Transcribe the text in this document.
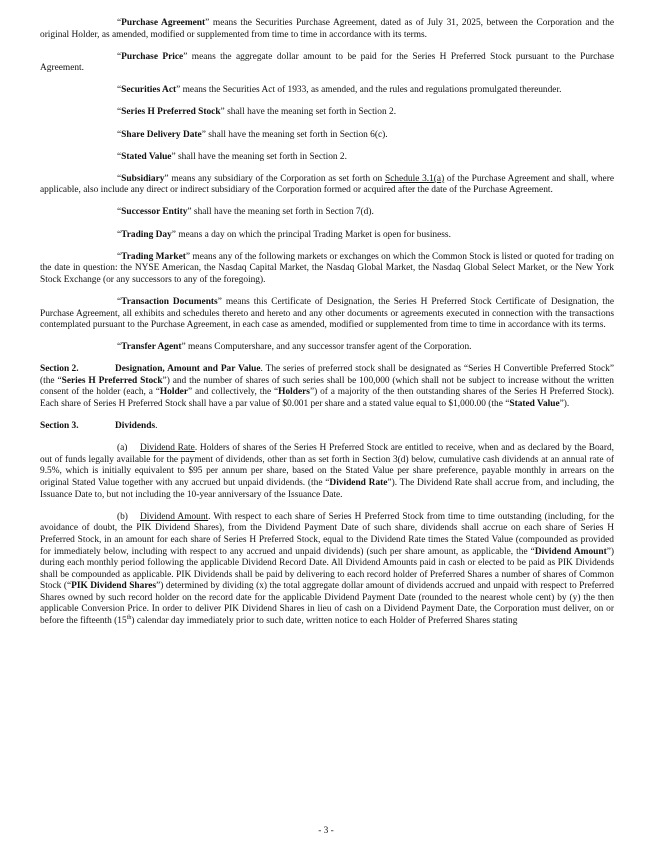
“Purchase Agreement” means the Securities Purchase Agreement, dated as of July 31, 2025, between the Corporation and the original Holder, as amended, modified or supplemented from time to time in accordance with its terms.

“Purchase Price” means the aggregate dollar amount to be paid for the Series H Preferred Stock pursuant to the Purchase Agreement.

“Securities Act” means the Securities Act of 1933, as amended, and the rules and regulations promulgated thereunder.

“Series H Preferred Stock” shall have the meaning set forth in Section 2.

“Share Delivery Date” shall have the meaning set forth in Section 6(c).

“Stated Value” shall have the meaning set forth in Section 2.

“Subsidiary” means any subsidiary of the Corporation as set forth on Schedule 3.1(a) of the Purchase Agreement and shall, where applicable, also include any direct or indirect subsidiary of the Corporation formed or acquired after the date of the Purchase Agreement.

“Successor Entity” shall have the meaning set forth in Section 7(d).

“Trading Day” means a day on which the principal Trading Market is open for business.

“Trading Market” means any of the following markets or exchanges on which the Common Stock is listed or quoted for trading on the date in question: the NYSE American, the Nasdaq Capital Market, the Nasdaq Global Market, the Nasdaq Global Select Market, or the New York Stock Exchange (or any successors to any of the foregoing).

“Transaction Documents” means this Certificate of Designation, the Series H Preferred Stock Certificate of Designation, the Purchase Agreement, all exhibits and schedules thereto and hereto and any other documents or agreements executed in connection with the transactions contemplated pursuant to the Purchase Agreement, in each case as amended, modified or supplemented from time to time in accordance with its terms.

“Transfer Agent” means Computershare, and any successor transfer agent of the Corporation.

Section 2.	Designation, Amount and Par Value. The series of preferred stock shall be designated as “Series H Convertible Preferred Stock” (the “Series H Preferred Stock”) and the number of shares of such series shall be 100,000 (which shall not be subject to increase without the written consent of the holder (each, a “Holder” and collectively, the “Holders”) of a majority of the then outstanding shares of the Series H Preferred Stock). Each share of Series H Preferred Stock shall have a par value of $0.001 per share and a stated value equal to $1,000.00 (the “Stated Value”).

Section 3.	Dividends.

(a) Dividend Rate. Holders of shares of the Series H Preferred Stock are entitled to receive, when and as declared by the Board, out of funds legally available for the payment of dividends, other than as set forth in Section 3(d) below, cumulative cash dividends at an annual rate of 9.5%, which is initially equivalent to $95 per annum per share, based on the Stated Value per share preference, payable monthly in arrears on the original Stated Value together with any accrued but unpaid dividends. (the “Dividend Rate”). The Dividend Rate shall accrue from, and including, the Issuance Date to, but not including the 10-year anniversary of the Issuance Date.

(b) Dividend Amount. With respect to each share of Series H Preferred Stock from time to time outstanding (including, for the avoidance of doubt, the PIK Dividend Shares), from the Dividend Payment Date of such share, dividends shall accrue on each share of Series H Preferred Stock, in an amount for each share of Series H Preferred Stock, equal to the Dividend Rate times the Stated Value (compounded as provided for immediately below, including with respect to any accrued and unpaid dividends) (such per share amount, as applicable, the “Dividend Amount”) during each monthly period following the applicable Dividend Record Date. All Dividend Amounts paid in cash or elected to be paid as PIK Dividends shall be compounded as applicable. PIK Dividends shall be paid by delivering to each record holder of Preferred Shares a number of shares of Common Stock (“PIK Dividend Shares”) determined by dividing (x) the total aggregate dollar amount of dividends accrued and unpaid with respect to Preferred Shares owned by such record holder on the record date for the applicable Dividend Payment Date (rounded to the nearest whole cent) by (y) the then applicable Conversion Price. In order to deliver PIK Dividend Shares in lieu of cash on a Dividend Payment Date, the Corporation must deliver, on or before the fifteenth (15th) calendar day immediately prior to such date, written notice to each Holder of Preferred Shares stating

- 3 -
